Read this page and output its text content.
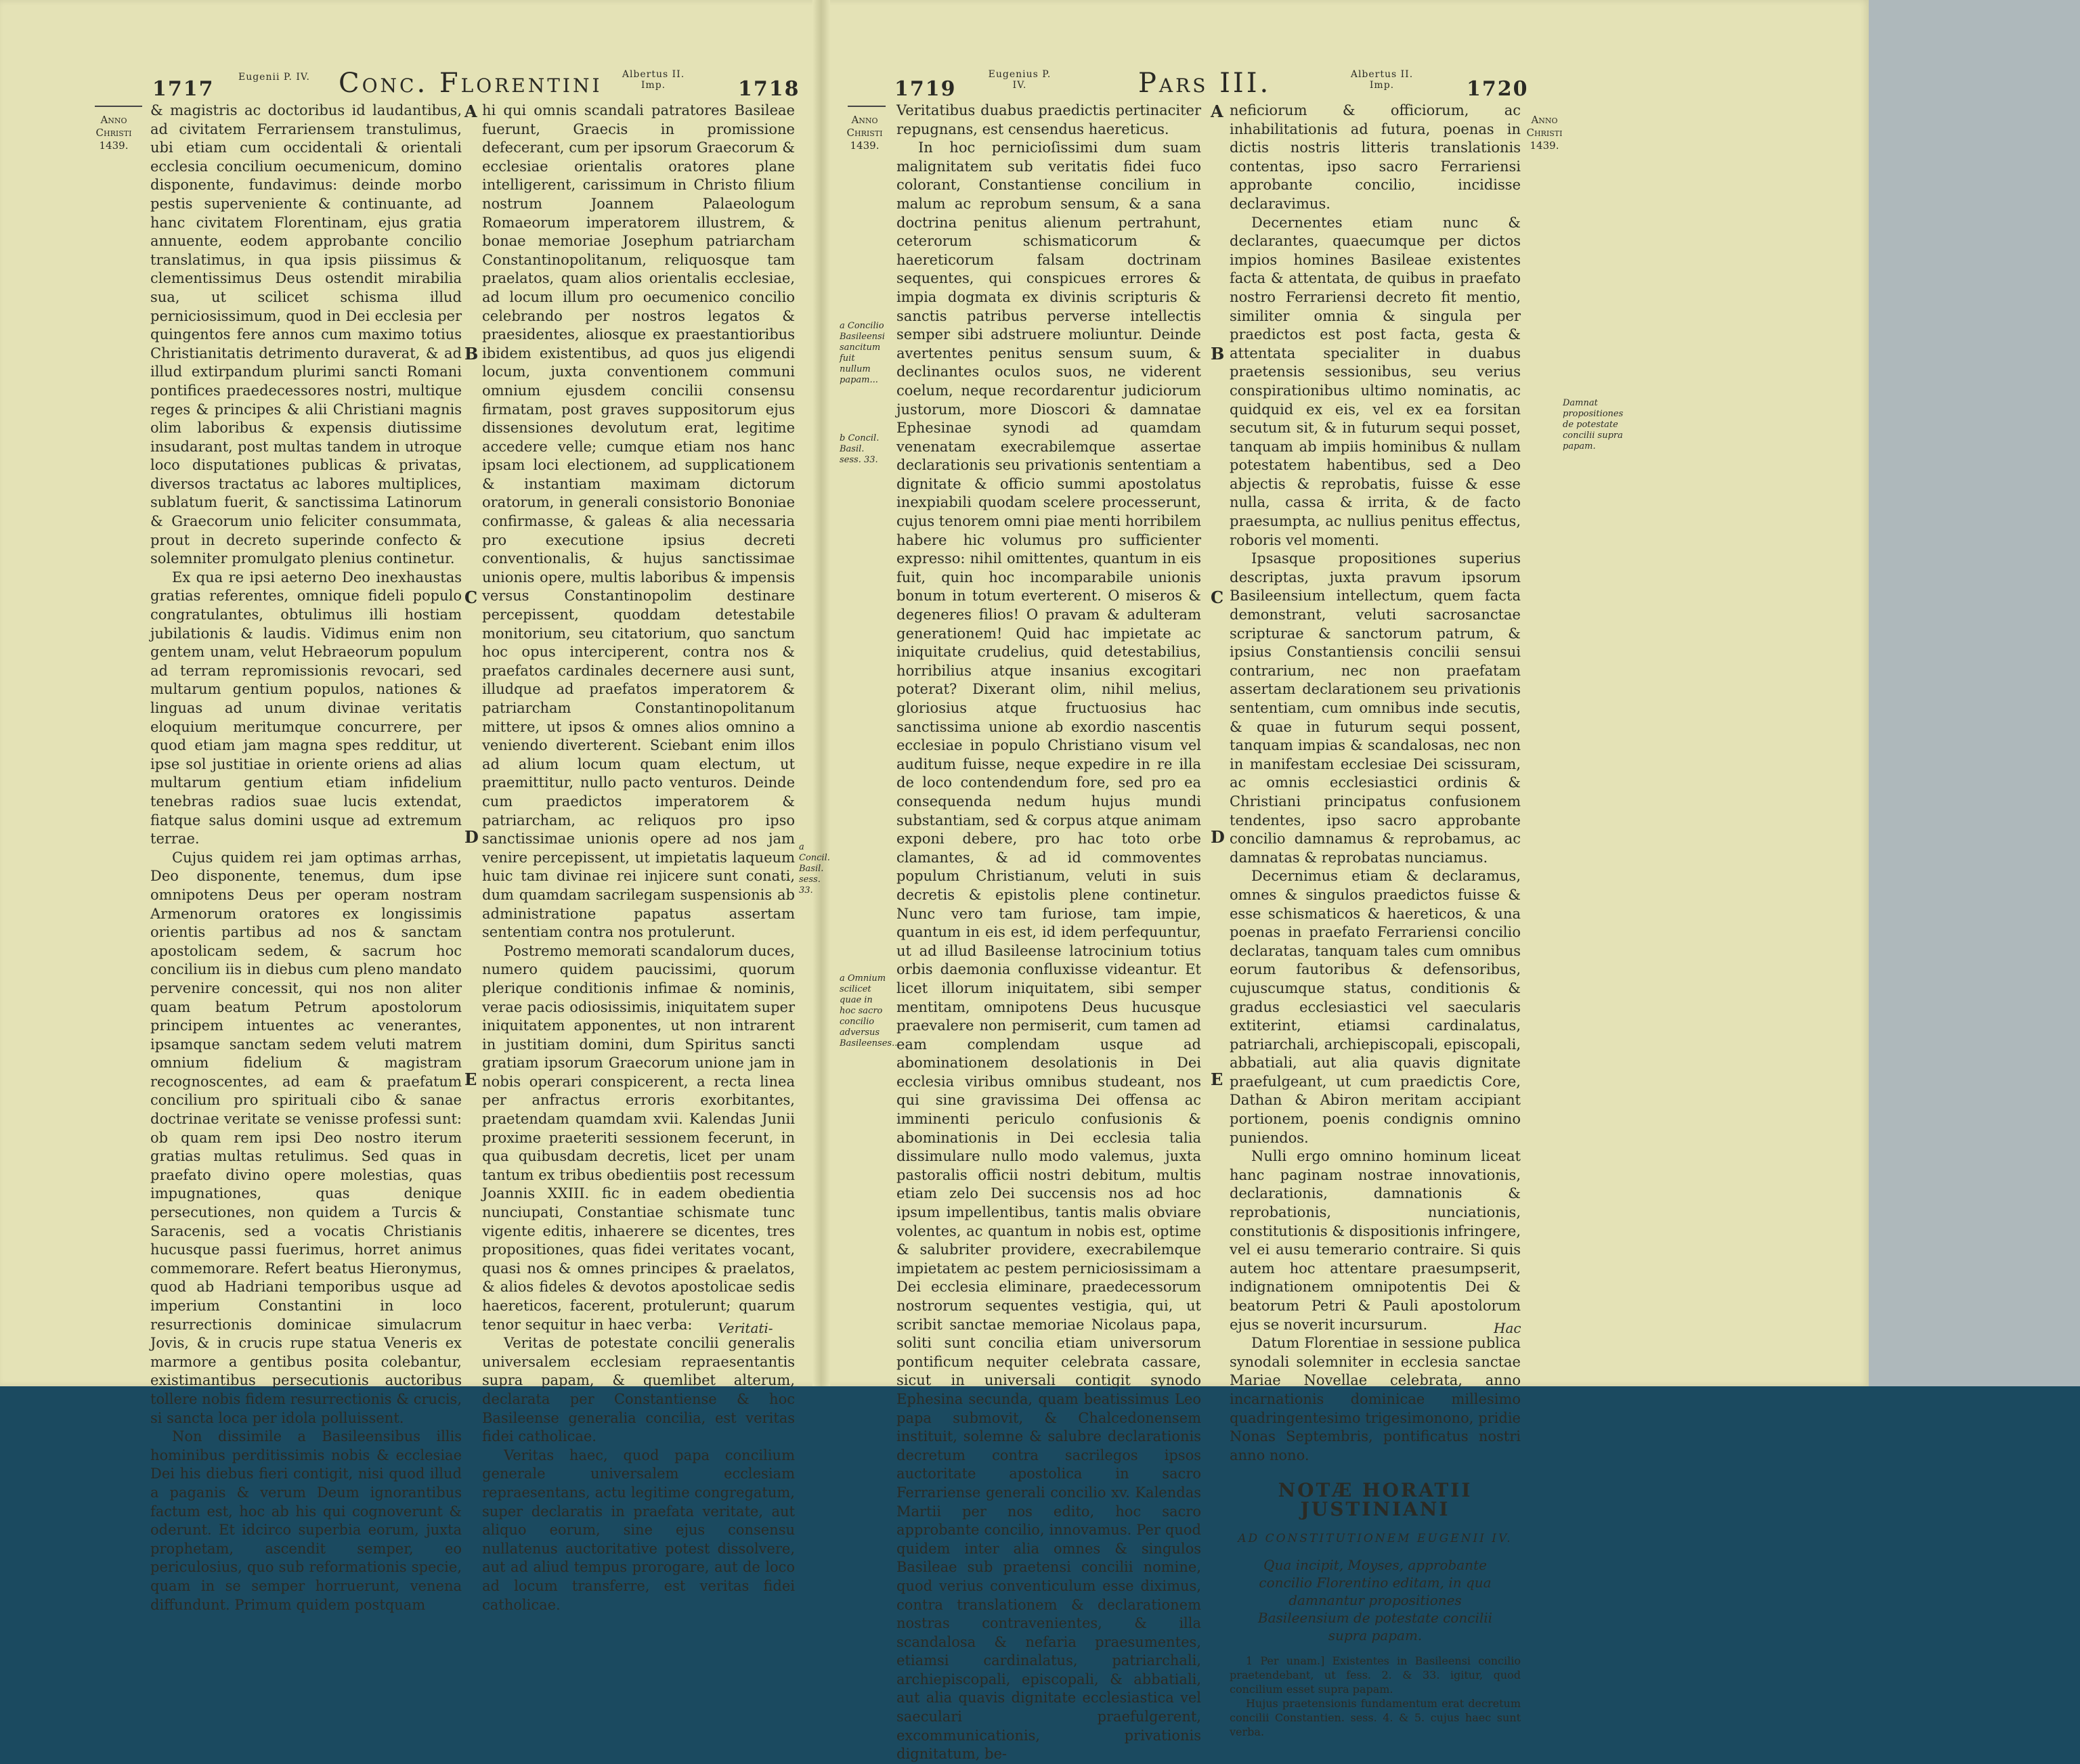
1717	Eugenii P. IV. Conc. Florentini	Albertus II. Imp.	1718
Anno Christi 1439.

& magistris ac doctoribus id laudantibus, ad civitatem Ferrariensem transtulimus, ubi etiam cum occidentali & orientali ecclesia concilium oecumenicum, domino disponente, fundavimus: deinde morbo pestis superveniente & continuante, ad hanc civitatem Florentinam, ejus gratia annuente, eodem approbante concilio translatimus, in qua ipsis piissimus & clementissimus Deus ostendit mirabilia sua, ut scilicet schisma illud perniciosissimum, quod in Dei ecclesia per quingentos fere annos cum maximo totius Christianitatis detrimento duraverat, & ad illud extirpandum plurimi sancti Romani pontifices praedecessores nostri, multique reges & principes & alii Christiani magnis olim laboribus & expensis diutissime insudarant, post multas tandem in utroque loco disputationes publicas & privatas, diversos tractatus ac labores multiplices, sublatum fuerit, & sanctissima Latinorum & Graecorum unio feliciter consummata, prout in decreto superinde confecto & solemniter promulgato plenius continetur.

Ex qua re ipsi aeterno Deo inexhaustas gratias referentes, omnique fideli populo congratulantes, obtulimus illi hostiam jubilationis & laudis. Vidimus enim non gentem unam, velut Hebraeorum populum ad terram repromissionis revocari, sed multarum gentium populos, nationes & linguas ad unum divinae veritatis eloquium meritumque concurrere, per quod etiam jam magna spes redditur, ut ipse sol justitiae in oriente oriens ad alias multarum gentium etiam infidelium tenebras radios suae lucis extendat, fiatque salus domini usque ad extremum terrae.

Cujus quidem rei jam optimas arrhas, Deo disponente, tenemus, dum ipse omnipotens Deus per operam nostram Armenorum oratores ex longissimis orientis partibus ad nos & sanctam apostolicam sedem, & sacrum hoc concilium iis in diebus cum pleno mandato pervenire concessit, qui nos non aliter quam beatum Petrum apostolorum principem intuentes ac venerantes, ipsamque sanctam sedem veluti matrem omnium fidelium & magistram recognoscentes, ad eam & praefatum concilium pro spirituali cibo & sanae doctrinae veritate se venisse professi sunt: ob quam rem ipsi Deo nostro iterum gratias multas retulimus. Sed quas in praefato divino opere molestias, quas impugnationes, quas denique persecutiones, non quidem a Turcis & Saracenis, sed a vocatis Christianis hucusque passi fuerimus, horret animus commemorare. Refert beatus Hieronymus, quod ab Hadriani temporibus usque ad imperium Constantini in loco resurrectionis dominicae simulacrum Jovis, & in crucis rupe statua Veneris ex marmore a gentibus posita colebantur, existimantibus persecutionis auctoribus tollere nobis fidem resurrectionis & crucis, si sancta loca per idola polluissent.

Non dissimile a Basileensibus illis hominibus perditissimis nobis & ecclesiae Dei his diebus fieri contigit, nisi quod illud a paganis & verum Deum ignorantibus factum est, hoc ab his qui cognoverunt & oderunt. Et idcirco superbia eorum, juxta prophetam, ascendit semper, eo periculosius, quo sub reformationis specie, quam in se semper horruerunt, venena diffundunt. Primum quidem postquam

A
B
C
D
E

hi qui omnis scandali patratores Basileae fuerunt, Graecis in promissione defecerant, cum per ipsorum Graecorum & ecclesiae orientalis oratores plane intelligerent, carissimum in Christo filium nostrum Joannem Palaeologum Romaeorum imperatorem illustrem, & bonae memoriae Josephum patriarcham Constantinopolitanum, reliquosque tam praelatos, quam alios orientalis ecclesiae, ad locum illum pro oecumenico concilio celebrando per nostros legatos & praesidentes, aliosque ex praestantioribus ibidem existentibus, ad quos jus eligendi locum, juxta conventionem communi omnium ejusdem concilii consensu firmatam, post graves suppositorum ejus dissensiones devolutum erat, legitime accedere velle; cumque etiam nos hanc ipsam loci electionem, ad supplicationem & instantiam maximam dictorum oratorum, in generali consistorio Bononiae confirmasse, & galeas & alia necessaria pro executione ipsius decreti conventionalis, & hujus sanctissimae unionis opere, multis laboribus & impensis versus Constantinopolim destinare percepissent, quoddam detestabile monitorium, seu citatorium, quo sanctum hoc opus interciperent, contra nos & praefatos cardinales decernere ausi sunt, illudque ad praefatos imperatorem & patriarcham Constantinopolitanum mittere, ut ipsos & omnes alios omnino a veniendo diverterent. Sciebant enim illos ad alium locum quam electum, ut praemittitur, nullo pacto venturos. Deinde cum praedictos imperatorem & patriarcham, ac reliquos pro ipso sanctissimae unionis opere ad nos jam venire percepissent, ut impietatis laqueum huic tam divinae rei injicere sunt conati, dum quamdam sacrilegam suspensionis ab administratione papatus assertam sententiam contra nos protulerunt.

Postremo memorati scandalorum duces, numero quidem paucissimi, quorum plerique conditionis infimae & nominis, verae pacis odiosissimis, iniquitatem super iniquitatem apponentes, ut non intrarent in justitiam domini, dum Spiritus sancti gratiam ipsorum Graecorum unione jam in nobis operari conspicerent, a recta linea per anfractus erroris exorbitantes, praetendam quamdam xvii. Kalendas Junii proxime praeteriti sessionem fecerunt, in qua quibusdam decretis, licet per unam tantum ex tribus obedientiis post recessum Joannis XXIII. fic in eadem obedientia nunciupati, Constantiae schismate tunc vigente editis, inhaerere se dicentes, tres propositiones, quas fidei veritates vocant, quasi nos & omnes principes & praelatos, & alios fideles & devotos apostolicae sedis haereticos, facerent, protulerunt; quarum tenor sequitur in haec verba:

Veritas de potestate concilii generalis universalem ecclesiam repraesentantis supra papam, & quemlibet alterum, declarata per Constantiense & hoc Basileense generalia concilia, est veritas fidei catholicae.

Veritas haec, quod papa concilium generale universalem ecclesiam repraesentans, actu legitime congregatum, super declaratis in praefata veritate, aut aliquo eorum, sine ejus consensu nullatenus auctoritative potest dissolvere, aut ad aliud tempus prorogare, aut de loco ad locum transferre, est veritas fidei catholicae.

a Concil. Basil. sess. 33.
Veritati-
1719
Eugenius P. IV.	Pars III.	Albertus II. Imp.	1720
Anno Christi 1439.
Anno Christi 1439.
a Concilio Basileensi sancitum fuit nullum papam...
b Concil. Basil. sess. 33.
a Omnium scilicet quae in hoc sacro concilio adversus Basileenses...
Damnat propositiones de potestate concilii supra papam.

Veritatibus duabus praedictis pertinaciter repugnans, est censendus haereticus.

In hoc pernicioſissimi dum suam malignitatem sub veritatis fidei fuco colorant, Constantiense concilium in malum ac reprobum sensum, & a sana doctrina penitus alienum pertrahunt, ceterorum schismaticorum & haereticorum falsam doctrinam sequentes, qui conspicues errores & impia dogmata ex divinis scripturis & sanctis patribus perverse intellectis semper sibi adstruere moliuntur. Deinde avertentes penitus sensum suum, & declinantes oculos suos, ne viderent coelum, neque recordarentur judiciorum justorum, more Dioscori & damnatae Ephesinae synodi ad quamdam venenatam execrabilemque assertae declarationis seu privationis sententiam a dignitate & officio summi apostolatus inexpiabili quodam scelere processerunt, cujus tenorem omni piae menti horribilem habere hic volumus pro sufficienter expresso: nihil omittentes, quantum in eis fuit, quin hoc incomparabile unionis bonum in totum everterent. O miseros & degeneres filios! O pravam & adulteram generationem! Quid hac impietate ac iniquitate crudelius, quid detestabilius, horribilius atque insanius excogitari poterat? Dixerant olim, nihil melius, gloriosius atque fructuosius hac sanctissima unione ab exordio nascentis ecclesiae in populo Christiano visum vel auditum fuisse, neque expedire in re illa de loco contendendum fore, sed pro ea consequenda nedum hujus mundi substantiam, sed & corpus atque animam exponi debere, pro hac toto orbe clamantes, & ad id commoventes populum Christianum, veluti in suis decretis & epistolis plene continetur. Nunc vero tam furiose, tam impie, quantum in eis est, id idem perfequuntur, ut ad illud Basileense latrocinium totius orbis daemonia confluxisse videantur. Et licet illorum iniquitatem, sibi semper mentitam, omnipotens Deus hucusque praevalere non permiserit, cum tamen ad eam complendam usque ad abominationem desolationis in Dei ecclesia viribus omnibus studeant, nos qui sine gravissima Dei offensa ac imminenti periculo confusionis & abominationis in Dei ecclesia talia dissimulare nullo modo valemus, juxta pastoralis officii nostri debitum, multis etiam zelo Dei succensis nos ad hoc ipsum impellentibus, tantis malis obviare volentes, ac quantum in nobis est, optime & salubriter providere, execrabilemque impietatem ac pestem perniciosissimam a Dei ecclesia eliminare, praedecessorum nostrorum sequentes vestigia, qui, ut scribit sanctae memoriae Nicolaus papa, soliti sunt concilia etiam universorum pontificum nequiter celebrata cassare, sicut in universali contigit synodo Ephesina secunda, quam beatissimus Leo papa submovit, & Chalcedonensem instituit, solemne & salubre declarationis decretum contra sacrilegos ipsos auctoritate apostolica in sacro Ferrariense generali concilio xv. Kalendas Martii per nos edito, hoc sacro approbante concilio, innovamus. Per quod quidem inter alia omnes & singulos Basileae sub praetensi concilii nomine, quod verius conventiculum esse diximus, contra translationem & declarationem nostras contravenientes, & illa scandalosa & nefaria praesumentes, etiamsi cardinalatus, patriarchali, archiepiscopali, episcopali, & abbatiali, aut alia quavis dignitate ecclesiastica vel saeculari praefulgerent, excommunicationis, privationis dignitatum, be-

A
B
C
D
E

neficiorum & officiorum, ac inhabilitationis ad futura, poenas in dictis nostris litteris translationis contentas, ipso sacro Ferrariensi approbante concilio, incidisse declaravimus.

Decernentes etiam nunc & declarantes, quaecumque per dictos impios homines Basileae existentes facta & attentata, de quibus in praefato nostro Ferrariensi decreto fit mentio, similiter omnia & singula per praedictos est post facta, gesta & attentata specialiter in duabus praetensis sessionibus, seu verius conspirationibus ultimo nominatis, ac quidquid ex eis, vel ex ea forsitan secutum sit, & in futurum sequi posset, tanquam ab impiis hominibus & nullam potestatem habentibus, sed a Deo abjectis & reprobatis, fuisse & esse nulla, cassa & irrita, & de facto praesumpta, ac nullius penitus effectus, roboris vel momenti.

Ipsasque propositiones superius descriptas, juxta pravum ipsorum Basileensium intellectum, quem facta demonstrant, veluti sacrosanctae scripturae & sanctorum patrum, & ipsius Constantiensis concilii sensui contrarium, nec non praefatam assertam declarationem seu privationis sententiam, cum omnibus inde secutis, & quae in futurum sequi possent, tanquam impias & scandalosas, nec non in manifestam ecclesiae Dei scissuram, ac omnis ecclesiastici ordinis & Christiani principatus confusionem tendentes, ipso sacro approbante concilio damnamus & reprobamus, ac damnatas & reprobatas nunciamus.

Decernimus etiam & declaramus, omnes & singulos praedictos fuisse & esse schismaticos & haereticos, & una poenas in praefato Ferrariensi concilio declaratas, tanquam tales cum omnibus eorum fautoribus & defensoribus, cujuscumque status, conditionis & gradus ecclesiastici vel saecularis extiterint, etiamsi cardinalatus, patriarchali, archiepiscopali, episcopali, abbatiali, aut alia quavis dignitate praefulgeant, ut cum praedictis Core, Dathan & Abiron meritam accipiant portionem, poenis condignis omnino puniendos.

Nulli ergo omnino hominum liceat hanc paginam nostrae innovationis, declarationis, damnationis & reprobationis, nunciationis, constitutionis & dispositionis infringere, vel ei ausu temerario contraire. Si quis autem hoc attentare praesumpserit, indignationem omnipotentis Dei & beatorum Petri & Pauli apostolorum ejus se noverit incursurum.

Datum Florentiae in sessione publica synodali solemniter in ecclesia sanctae Mariae Novellae celebrata, anno incarnationis dominicae millesimo quadringentesimo trigesimonono, pridie Nonas Septembris, pontificatus nostri anno nono.

NOTÆ HORATII JUSTINIANI
AD CONSTITUTIONEM EUGENII IV.
Qua incipit, Moyses, approbante concilio Florentino editam, in qua damnantur propositiones Basileensium de potestate concilii supra papam.

1 Per unam.] Existentes in Basileensi concilio praetendebant, ut fess. 2. & 33. igitur, quod concilium esset supra papam.

Hujus praetensionis fundamentum erat decretum concilii Constantien. sess. 4. & 5. cujus haec sunt verba.

Hac
